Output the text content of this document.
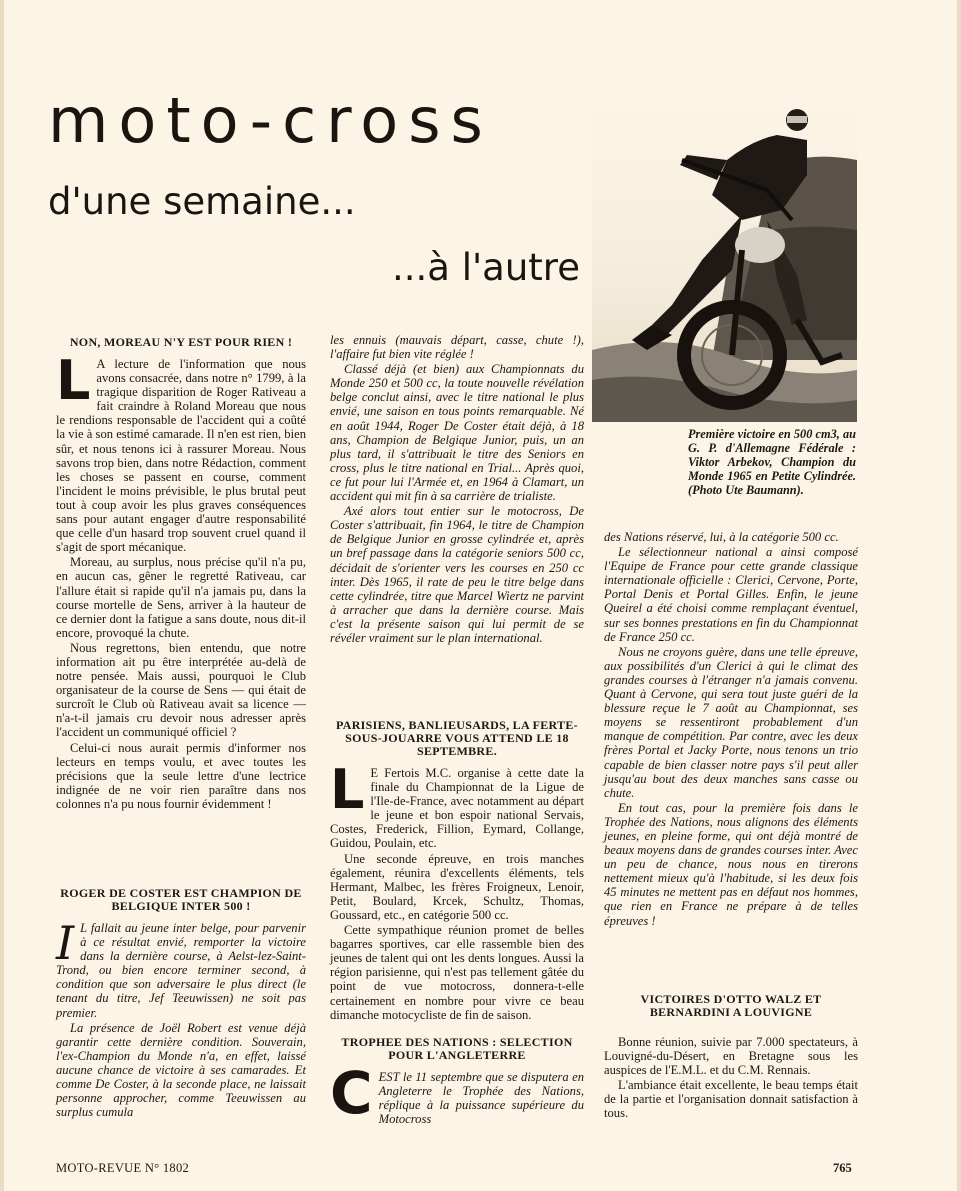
moto-cross
d'une semaine...
...à l'autre
Première victoire en 500 cm3, au G. P. d'Allemagne Fédérale : Viktor Arbekov, Champion du Monde 1965 en Petite Cylindrée. (Photo Ute Baumann).
NON, MOREAU N'Y EST POUR RIEN !

L A lecture de l'information que nous avons consacrée, dans notre n° 1799, à la tragique disparition de Roger Rativeau a fait craindre à Roland Moreau que nous le rendions responsable de l'accident qui a coûté la vie à son estimé camarade. Il n'en est rien, bien sûr, et nous tenons ici à rassurer Moreau. Nous savons trop bien, dans notre Rédaction, comment les choses se passent en course, comment l'incident le moins prévisible, le plus brutal peut tout à coup avoir les plus graves conséquences sans pour autant engager d'autre responsabilité que celle d'un hasard trop souvent cruel quand il s'agit de sport mécanique.

Moreau, au surplus, nous précise qu'il n'a pu, en aucun cas, gêner le regretté Rativeau, car l'allure était si rapide qu'il n'a jamais pu, dans la course mortelle de Sens, arriver à la hauteur de ce dernier dont la fatigue a sans doute, nous dit-il encore, provoqué la chute.

Nous regrettons, bien entendu, que notre information ait pu être interprétée au-delà de notre pensée. Mais aussi, pourquoi le Club organisateur de la course de Sens — qui était de surcroît le Club où Rativeau avait sa licence — n'a-t-il jamais cru devoir nous adresser après l'accident un communiqué officiel ?

Celui-ci nous aurait permis d'informer nos lecteurs en temps voulu, et avec toutes les précisions que la seule lettre d'une lectrice indignée de ne voir rien paraître dans nos colonnes n'a pu nous fournir évidemment !

ROGER DE COSTER EST CHAMPION DE BELGIQUE INTER 500 !

I L fallait au jeune inter belge, pour parvenir à ce résultat envié, remporter la victoire dans la dernière course, à Aelst-lez-Saint-Trond, ou bien encore terminer second, à condition que son adversaire le plus direct (le tenant du titre, Jef Teeuwissen) ne soit pas premier.

La présence de Joël Robert est venue déjà garantir cette dernière condition. Souverain, l'ex-Champion du Monde n'a, en effet, laissé aucune chance de victoire à ses camarades. Et comme De Coster, à la seconde place, ne laissait personne approcher, comme Teeuwissen au surplus cumula

les ennuis (mauvais départ, casse, chute !), l'affaire fut bien vite réglée !

Classé déjà (et bien) aux Championnats du Monde 250 et 500 cc, la toute nouvelle révélation belge conclut ainsi, avec le titre national le plus envié, une saison en tous points remarquable. Né en août 1944, Roger De Coster était déjà, à 18 ans, Champion de Belgique Junior, puis, un an plus tard, il s'attribuait le titre des Seniors en cross, plus le titre national en Trial... Après quoi, ce fut pour lui l'Armée et, en 1964 à Clamart, un accident qui mit fin à sa carrière de trialiste.

Axé alors tout entier sur le motocross, De Coster s'attribuait, fin 1964, le titre de Champion de Belgique Junior en grosse cylindrée et, après un bref passage dans la catégorie seniors 500 cc, décidait de s'orienter vers les courses en 250 cc inter. Dès 1965, il rate de peu le titre belge dans cette cylindrée, titre que Marcel Wiertz ne parvint à arracher que dans la dernière course. Mais c'est la présente saison qui lui permit de se révéler vraiment sur le plan international.

PARISIENS, BANLIEUSARDS, LA FERTE-SOUS-JOUARRE VOUS ATTEND LE 18 SEPTEMBRE.

L E Fertois M.C. organise à cette date la finale du Championnat de la Ligue de l'Ile-de-France, avec notamment au départ le jeune et bon espoir national Servais, Costes, Frederick, Fillion, Eymard, Collange, Guidou, Poulain, etc.

Une seconde épreuve, en trois manches également, réunira d'excellents éléments, tels Hermant, Malbec, les frères Froigneux, Lenoir, Petit, Boulard, Krcek, Schultz, Thomas, Goussard, etc., en catégorie 500 cc.

Cette sympathique réunion promet de belles bagarres sportives, car elle rassemble bien des jeunes de talent qui ont les dents longues. Aussi la région parisienne, qui n'est pas tellement gâtée du point de vue motocross, donnera-t-elle certainement en nombre pour vivre ce beau dimanche motocycliste de fin de saison.

TROPHEE DES NATIONS : SELECTION POUR L'ANGLETERRE

CEST le 11 septembre que se disputera en Angleterre le Trophée des Nations, réplique à la puissance supérieure du Motocross

des Nations réservé, lui, à la catégorie 500 cc.

Le sélectionneur national a ainsi composé l'Equipe de France pour cette grande classique internationale officielle : Clerici, Cervone, Porte, Portal Denis et Portal Gilles. Enfin, le jeune Queirel a été choisi comme remplaçant éventuel, sur ses bonnes prestations en fin du Championnat de France 250 cc.

Nous ne croyons guère, dans une telle épreuve, aux possibilités d'un Clerici à qui le climat des grandes courses à l'étranger n'a jamais convenu. Quant à Cervone, qui sera tout juste guéri de la blessure reçue le 7 août au Championnat, ses moyens se ressentiront probablement d'un manque de compétition. Par contre, avec les deux frères Portal et Jacky Porte, nous tenons un trio capable de bien classer notre pays s'il peut aller jusqu'au bout des deux manches sans casse ou chute.

En tout cas, pour la première fois dans le Trophée des Nations, nous alignons des éléments jeunes, en pleine forme, qui ont déjà montré de beaux moyens dans de grandes courses inter. Avec un peu de chance, nous nous en tirerons nettement mieux qu'à l'habitude, si les deux fois 45 minutes ne mettent pas en défaut nos hommes, que rien en France ne prépare à de telles épreuves !

VICTOIRES D'OTTO WALZ ET BERNARDINI A LOUVIGNE

Bonne réunion, suivie par 7.000 spectateurs, à Louvigné-du-Désert, en Bretagne sous les auspices de l'E.M.L. et du C.M. Rennais.

L'ambiance était excellente, le beau temps était de la partie et l'organisation donnait satisfaction à tous.

MOTO-REVUE N° 1802	765
